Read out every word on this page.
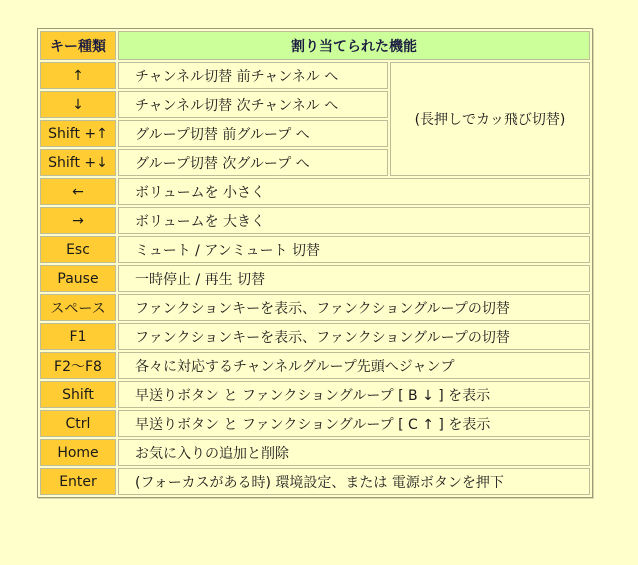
キー種類	割り当てられた機能	
↑	チャンネル切替 前チャンネル へ	(長押しでカッ飛び切替)
↓	チャンネル切替 次チャンネル へ	
Shift +↑	グループ切替 前グループ へ	
Shift +↓	グループ切替 次グループ へ	
←	ボリュームを 小さく	
→	ボリュームを 大きく	
Esc	ミュート / アンミュート 切替	
Pause	一時停止 / 再生 切替	
スペース	ファンクションキーを表示、ファンクショングループの切替	
F1	ファンクションキーを表示、ファンクショングループの切替	
F2～F8	各々に対応するチャンネルグループ先頭へジャンプ	
Shift	早送りボタン と ファンクショングループ [ B ↓ ] を表示	
Ctrl	早送りボタン と ファンクショングループ [ C ↑ ] を表示	
Home	お気に入りの追加と削除	
Enter	(フォーカスがある時) 環境設定、または 電源ボタンを押下	
